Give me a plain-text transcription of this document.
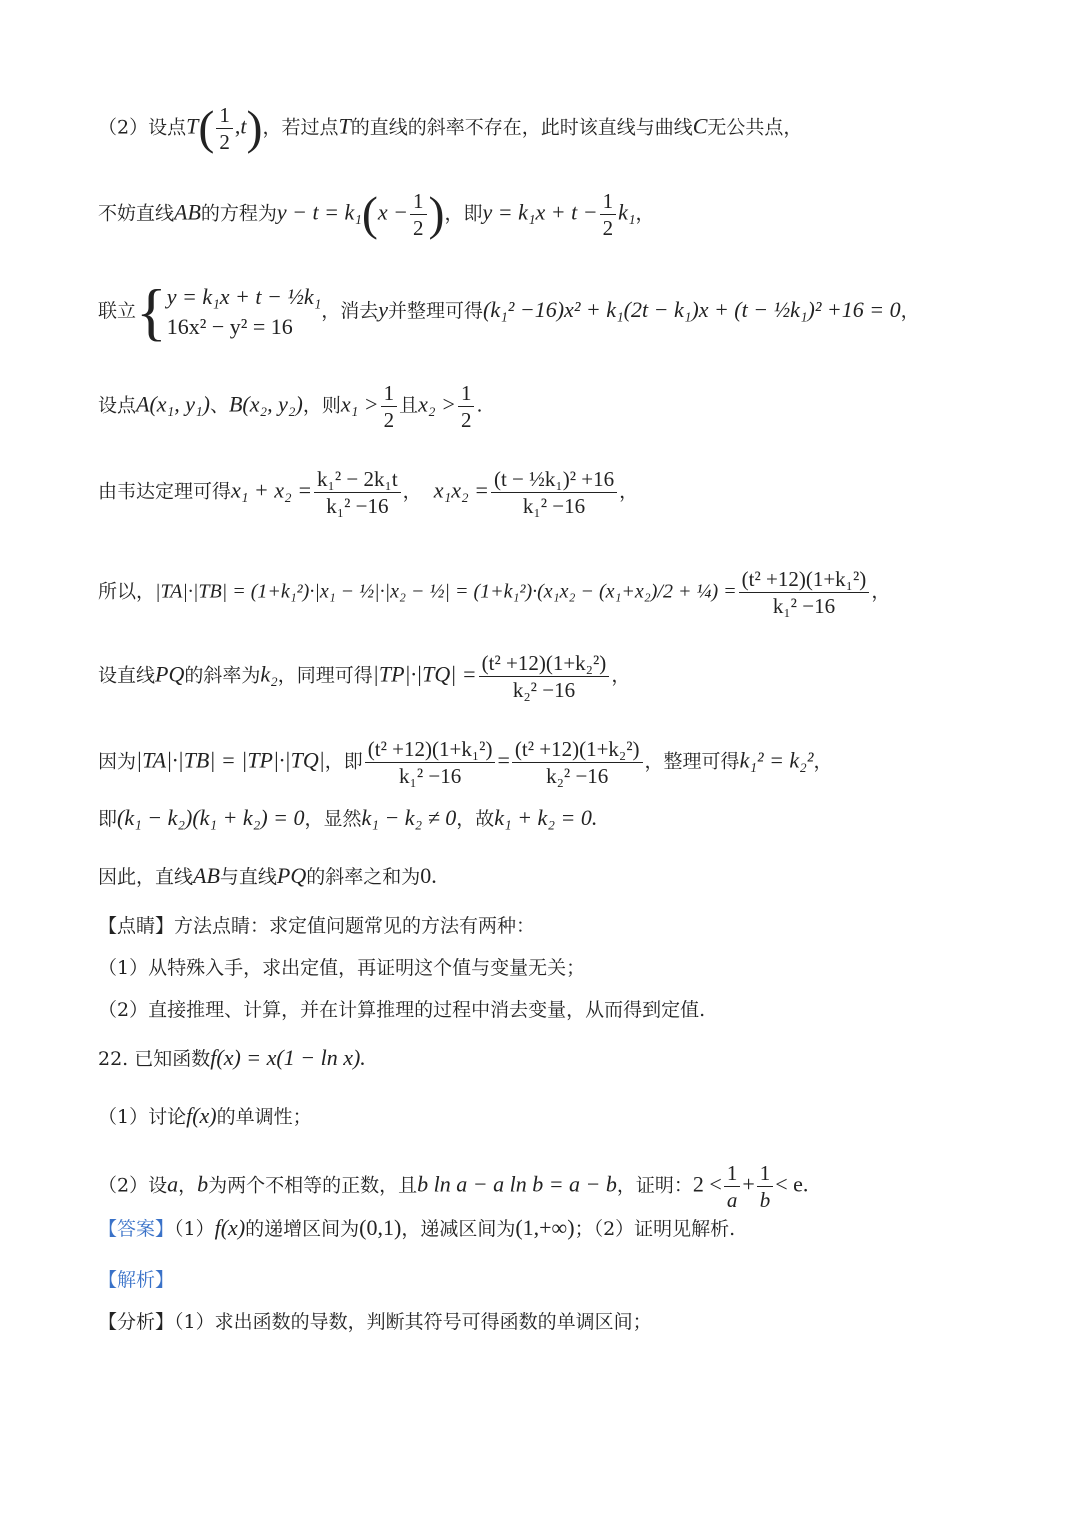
（2）设点$T( \frac{1}{2} ,t)$，若过点T的直线的斜率不存在，此时该直线与曲线C无公共点，
不妨直线AB的方程为$y - t = k_1(x - \frac{1}{2}$ )，即$y = k_1x + t - \frac{1}{2} k_1$，
联立{ y = k₁x + t − ½k₁
16x² − y² = 16
，消去y并整理可得(k₁² −16)x² + k₁(2t − k₁)x + (t − ½k₁)² +16 = 0，
设点A(x₁, y₁)、B(x₂, y₂)，则$x_1 > \frac{1}{2}$ 且$x_2 > \frac{1}{2}$ .
由韦达定理可得$x_1 + x_2 = \frac{\text{k₁² − 2k₁t}}{\text{k₁² −16}}$ ， $x_1x_2 = \frac{\text{(t − ½k₁)² +16}}{\text{k₁² −16}}$ ，
所以，|TA|·|TB| = (1+k₁²)·|x₁ − ½|·|x₂ − ½| = (1+k₁²)·(x₁x₂ − (x₁+x₂)/2 + ¼) = $\frac{\text{(t² +12)(1+k₁²)}}{\text{k₁² −16}}$ ，
设直线PQ的斜率为k₂，同理可得$|TP|\cdot|TQ| = \frac{\text{(t² +12)(1+k₂²)}}{\text{k₂² −16}}$ ，
因为|TA|·|TB| = |TP|·|TQ|，即 $\frac{\text{(t² +12)(1+k₁²)}}{\text{k₁² −16}} = \frac{\text{(t² +12)(1+k₂²)}}{\text{k₂² −16}}$ ，整理可得k₁² = k₂²，
即(k₁ − k₂)(k₁ + k₂) = 0，显然k₁ − k₂ ≠ 0，故k₁ + k₂ = 0.
因此，直线AB与直线PQ的斜率之和为0.
【点睛】方法点睛：求定值问题常见的方法有两种：
（1）从特殊入手，求出定值，再证明这个值与变量无关；
（2）直接推理、计算，并在计算推理的过程中消去变量，从而得到定值.
22. 已知函数f(x) = x(1 − ln x).
（1）讨论f(x)的单调性；
（2）设a，b为两个不相等的正数，且b ln a − a ln b = a − b，证明：$2 < \frac{1}{a} + \frac{1}{b} < e$.
【答案】（1）f(x)的递增区间为(0,1)，递减区间为(1,+∞)；（2）证明见解析.
【解析】
【分析】（1）求出函数的导数，判断其符号可得函数的单调区间；
